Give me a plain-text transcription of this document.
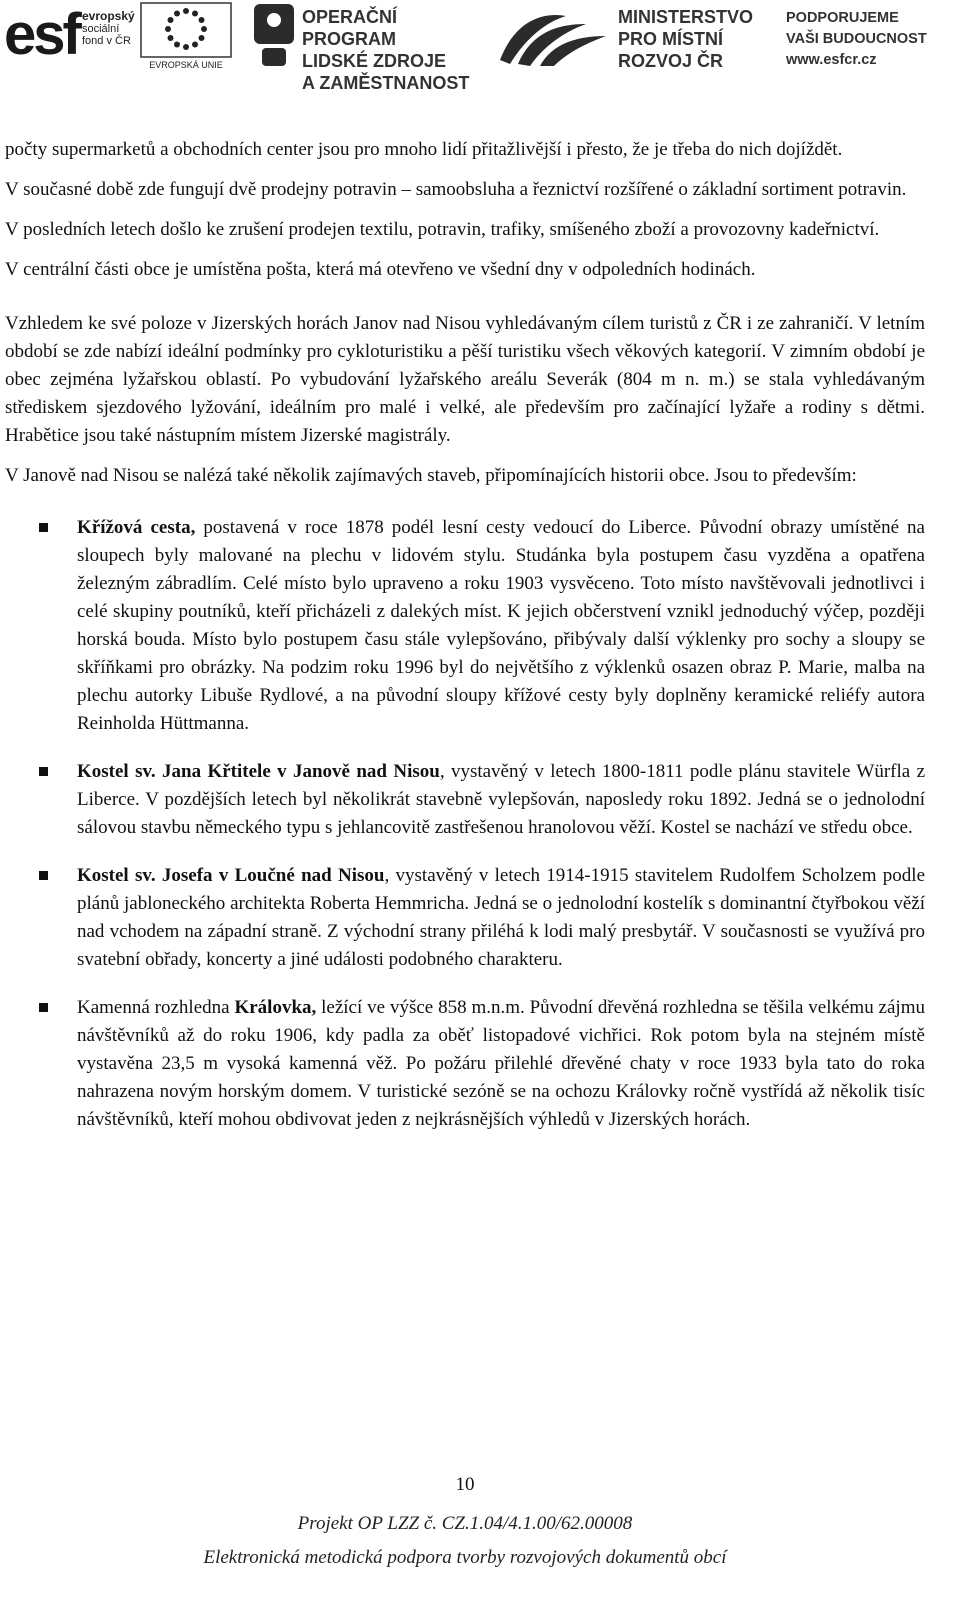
esf evropský
sociální
fond v ČR
EVROPSKÁ UNIE
OPERAČNÍ PROGRAM
LIDSKÉ ZDROJE
A ZAMĚSTNANOST
MINISTERSTVO
PRO MÍSTNÍ
ROZVOJ ČR
PODPORUJEME
VAŠI BUDOUCNOST
www.esfcr.cz

počty supermarketů a obchodních center jsou pro mnoho lidí přitažlivější i přesto, že je třeba do nich dojíždět.

V současné době zde fungují dvě prodejny potravin – samoobsluha a řeznictví rozšířené o základní sortiment potravin.

V posledních letech došlo ke zrušení prodejen textilu, potravin, trafiky, smíšeného zboží a provozovny kadeřnictví.

V centrální části obce je umístěna pošta, která má otevřeno ve všední dny v odpoledních hodinách.

Vzhledem ke své poloze v Jizerských horách Janov nad Nisou vyhledávaným cílem turistů z ČR i ze zahraničí. V letním období se zde nabízí ideální podmínky pro cykloturistiku a pěší turistiku všech věkových kategorií. V zimním období je obec zejména lyžařskou oblastí. Po vybudování lyžařského areálu Severák (804 m n. m.) se stala vyhledávaným střediskem sjezdového lyžování, ideálním pro malé i velké, ale především pro začínající lyžaře a rodiny s dětmi. Hrabětice jsou také nástupním místem Jizerské magistrály.

V Janově nad Nisou se nalézá také několik zajímavých staveb, připomínajících historii obce. Jsou to především:

Křížová cesta, postavená v roce 1878 podél lesní cesty vedoucí do Liberce. Původní obrazy umístěné na sloupech byly malované na plechu v lidovém stylu. Studánka byla postupem času vyzděna a opatřena železným zábradlím. Celé místo bylo upraveno a roku 1903 vysvěceno. Toto místo navštěvovali jednotlivci i celé skupiny poutníků, kteří přicházeli z dalekých míst. K jejich občerstvení vznikl jednoduchý výčep, později horská bouda. Místo bylo postupem času stále vylepšováno, přibývaly další výklenky pro sochy a sloupy se skříňkami pro obrázky. Na podzim roku 1996 byl do největšího z výklenků osazen obraz P. Marie, malba na plechu autorky Libuše Rydlové, a na původní sloupy křížové cesty byly doplněny keramické reliéfy autora Reinholda Hüttmanna.
Kostel sv. Jana Křtitele v Janově nad Nisou, vystavěný v letech 1800-1811 podle plánu stavitele Würfla z Liberce. V pozdějších letech byl několikrát stavebně vylepšován, naposledy roku 1892. Jedná se o jednolodní sálovou stavbu německého typu s jehlancovitě zastřešenou hranolovou věží. Kostel se nachází ve středu obce.
Kostel sv. Josefa v Loučné nad Nisou, vystavěný v letech 1914-1915 stavitelem Rudolfem Scholzem podle plánů jabloneckého architekta Roberta Hemmricha. Jedná se o jednolodní kostelík s dominantní čtyřbokou věží nad vchodem na západní straně. Z východní strany přiléhá k lodi malý presbytář. V současnosti se využívá pro svatební obřady, koncerty a jiné události podobného charakteru.
Kamenná rozhledna Královka, ležící ve výšce 858 m.n.m. Původní dřevěná rozhledna se těšila velkému zájmu návštěvníků až do roku 1906, kdy padla za oběť listopadové vichřici. Rok potom byla na stejném místě vystavěna 23,5 m vysoká kamenná věž. Po požáru přilehlé dřevěné chaty v roce 1933 byla tato do roka nahrazena novým horským domem. V turistické sezóně se na ochozu Královky ročně vystřídá až několik tisíc návštěvníků, kteří mohou obdivovat jeden z nejkrásnějších výhledů v Jizerských horách.
10
Projekt OP LZZ č. CZ.1.04/4.1.00/62.00008
Elektronická metodická podpora tvorby rozvojových dokumentů obcí
